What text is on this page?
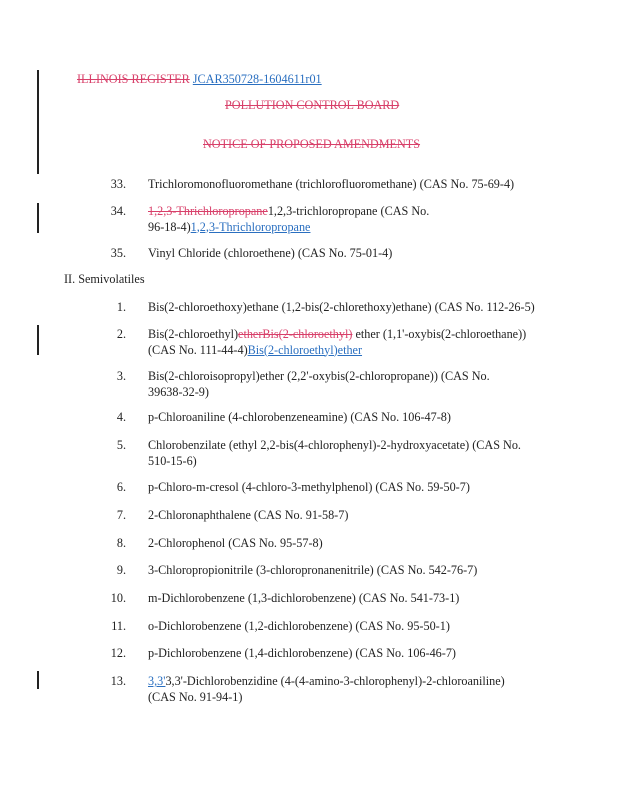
ILLINOIS REGISTER JCAR350728-1604611r01
POLLUTION CONTROL BOARD
NOTICE OF PROPOSED AMENDMENTS
33. Trichloromonofluoromethane (trichlorofluoromethane) (CAS No. 75-69-4)
34. 1,2,3-Thrichloropropane1,2,3-trichloropropane (CAS No. 96-18-4)1,2,3-Thrichloropropane
35. Vinyl Chloride (chloroethene) (CAS No. 75-01-4)
II. Semivolatiles
1. Bis(2-chloroethoxy)ethane (1,2-bis(2-chlorethoxy)ethane) (CAS No. 112-26-5)
2. Bis(2-chloroethyl)etherBis(2-chloroethyl) ether (1,1'-oxybis(2-chloroethane)) (CAS No. 111-44-4)Bis(2-chloroethyl)ether
3. Bis(2-chloroisopropyl)ether (2,2'-oxybis(2-chloropropane)) (CAS No. 39638-32-9)
4. p-Chloroaniline (4-chlorobenzeneamine) (CAS No. 106-47-8)
5. Chlorobenzilate (ethyl 2,2-bis(4-chlorophenyl)-2-hydroxyacetate) (CAS No. 510-15-6)
6. p-Chloro-m-cresol (4-chloro-3-methylphenol) (CAS No. 59-50-7)
7. 2-Chloronaphthalene (CAS No. 91-58-7)
8. 2-Chlorophenol (CAS No. 95-57-8)
9. 3-Chloropropionitrile (3-chloropronanenitrile) (CAS No. 542-76-7)
10. m-Dichlorobenzene (1,3-dichlorobenzene) (CAS No. 541-73-1)
11. o-Dichlorobenzene (1,2-dichlorobenzene) (CAS No. 95-50-1)
12. p-Dichlorobenzene (1,4-dichlorobenzene) (CAS No. 106-46-7)
13. 3,3'3,3'-Dichlorobenzidine (4-(4-amino-3-chlorophenyl)-2-chloroaniline) (CAS No. 91-94-1)
